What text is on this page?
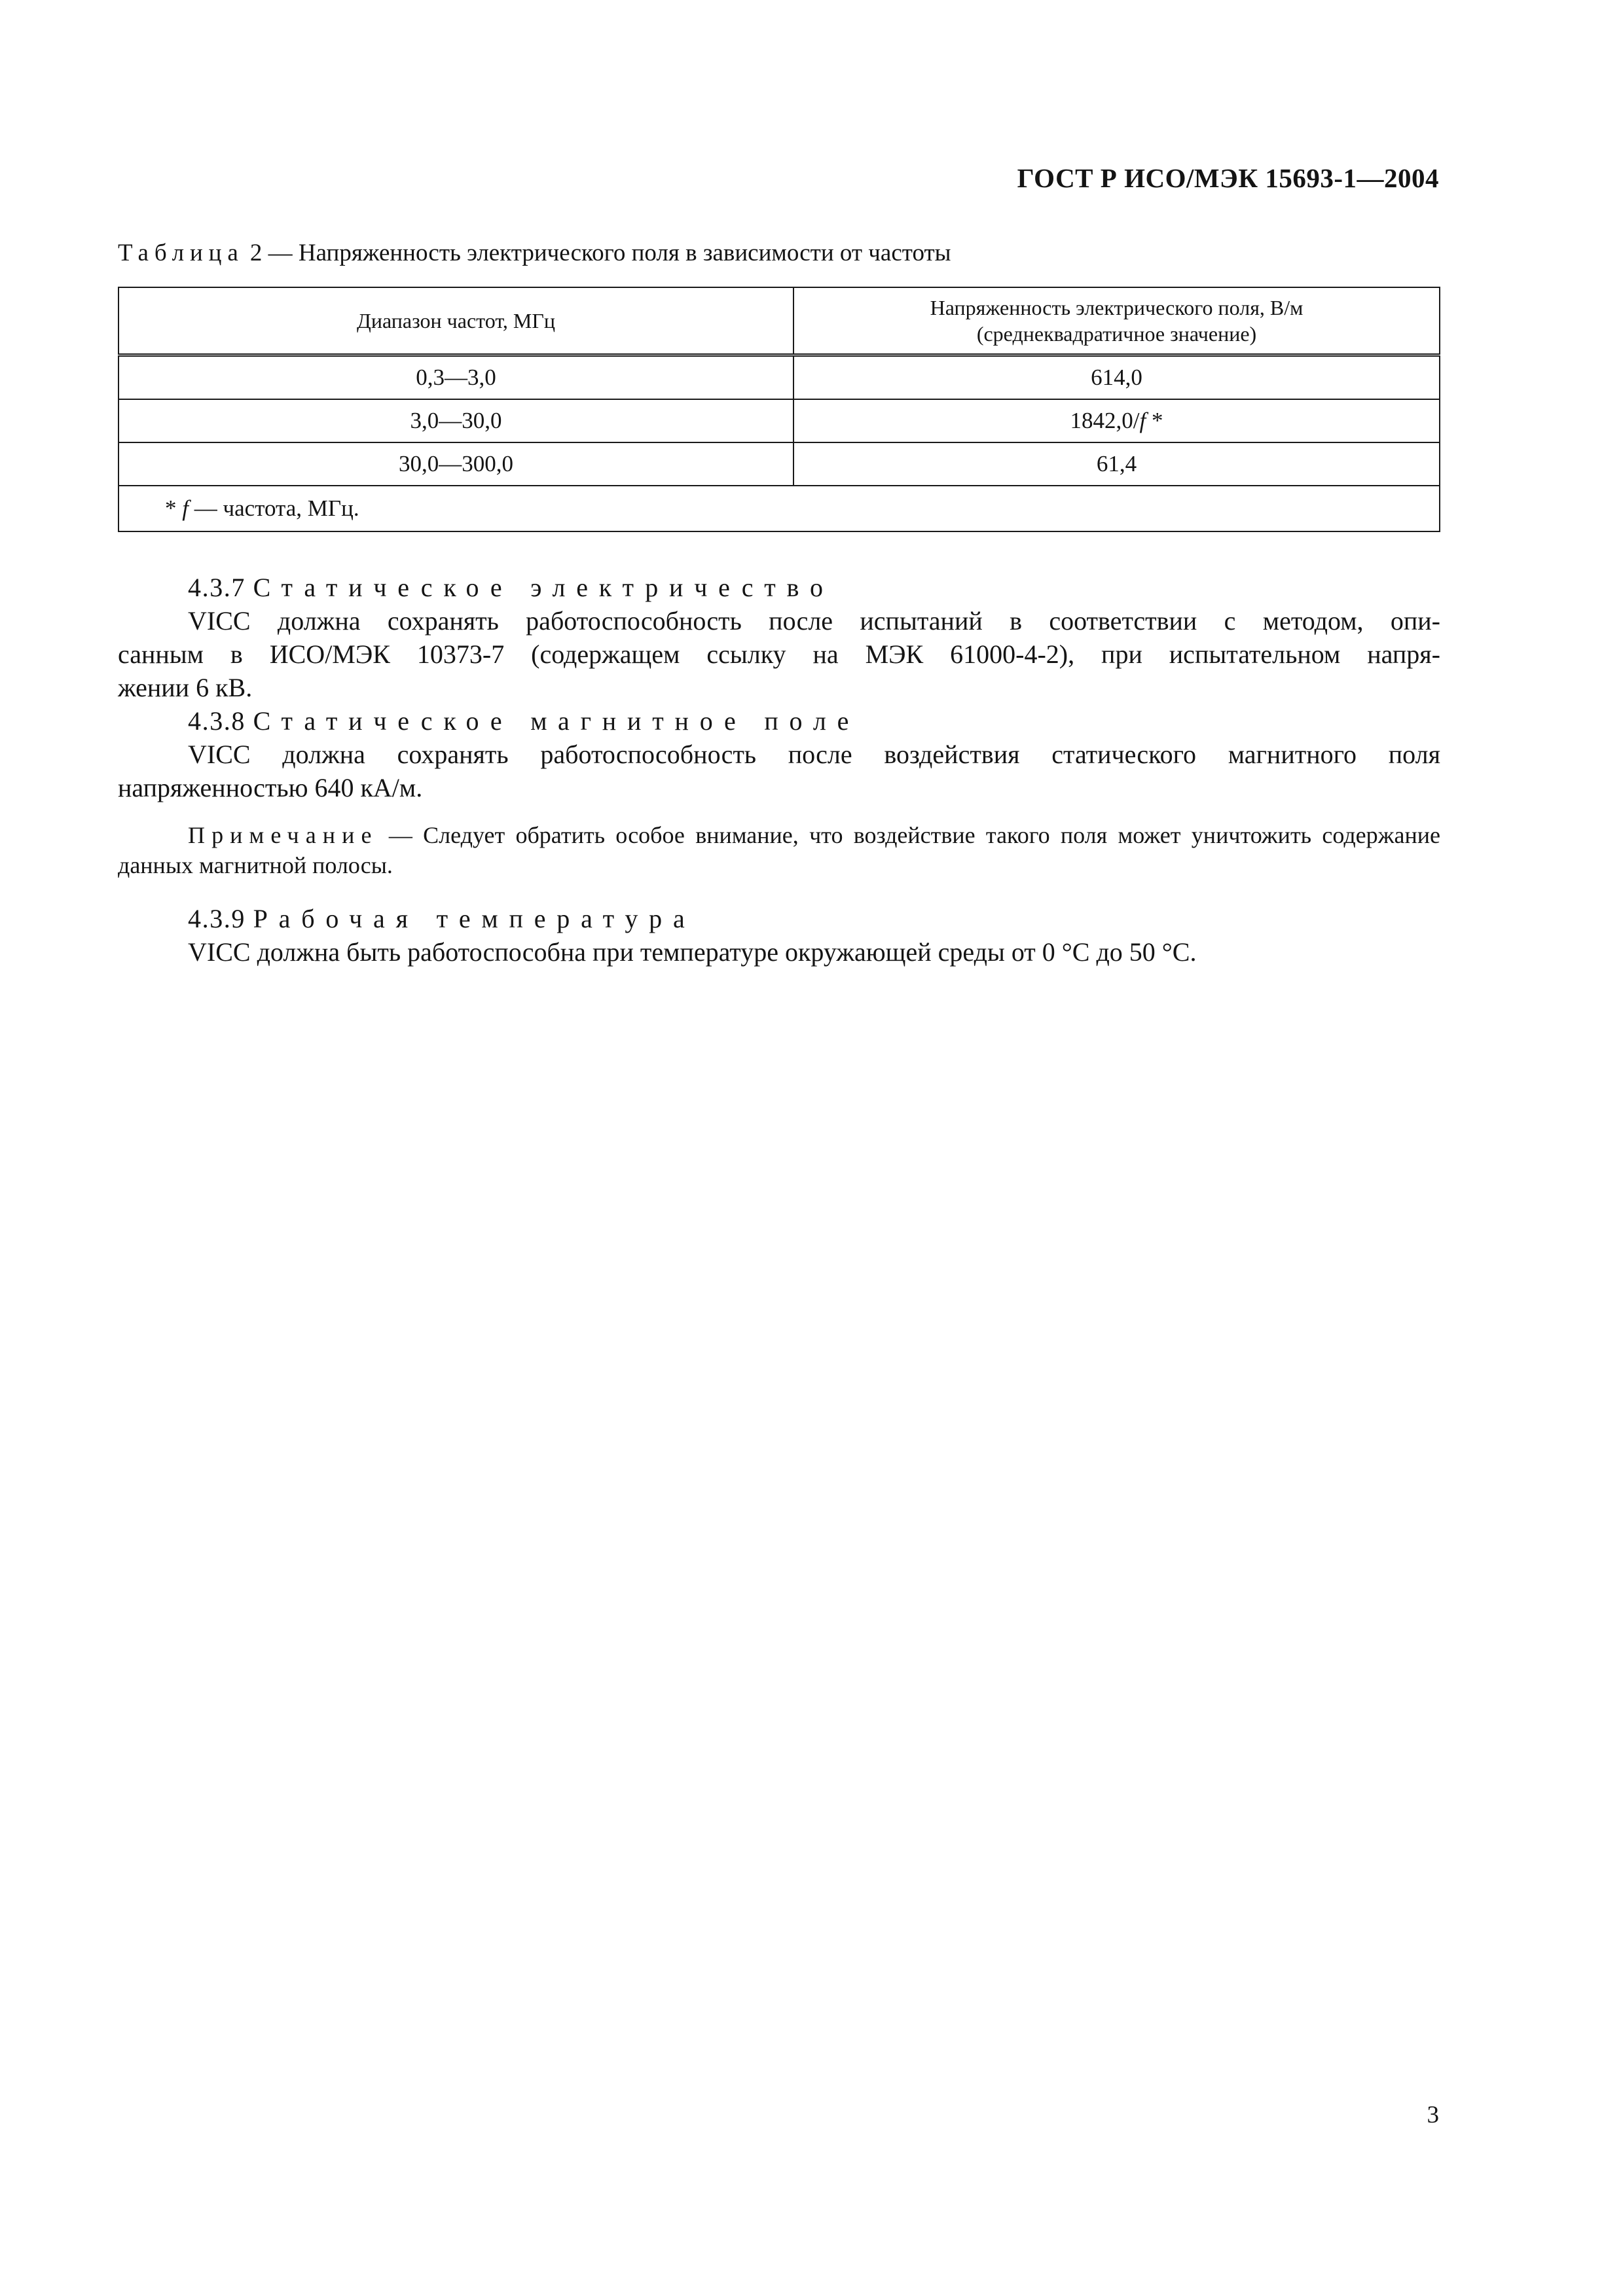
ГОСТ Р ИСО/МЭК 15693-1—2004
Таблица 2 — Напряженность электрического поля в зависимости от частоты
Диапазон частот, МГц	Напряженность электрического поля, В/м
(среднеквадратичное значение)
0,3—3,0	614,0
3,0—30,0	1842,0/f *
30,0—300,0	61,4
* f — частота, МГц.	

4.3.7 Статическое электричество

VICC должна сохранять работоспособность после испытаний в соответствии с методом, опи-

санным в ИСО/МЭК 10373-7 (содержащем ссылку на МЭК 61000-4-2), при испытательном напря-

жении 6 кВ.

4.3.8 Статическое магнитное поле

VICC должна сохранять работоспособность после воздействия статического магнитного поля

напряженностью 640 кА/м.

Примечание — Следует обратить особое внимание, что воздействие такого поля может уничтожить содержание данных магнитной полосы.

4.3.9 Рабочая температура

VICC должна быть работоспособна при температуре окружающей среды от 0 °С до 50 °С.

3
